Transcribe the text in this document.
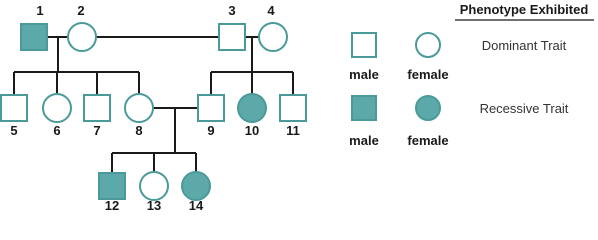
1	2	3 4
5	6	7	8	9 10 11
12 13 14
Phenotype Exhibited
Dominant Trait
male female
Recessive Trait
male female
